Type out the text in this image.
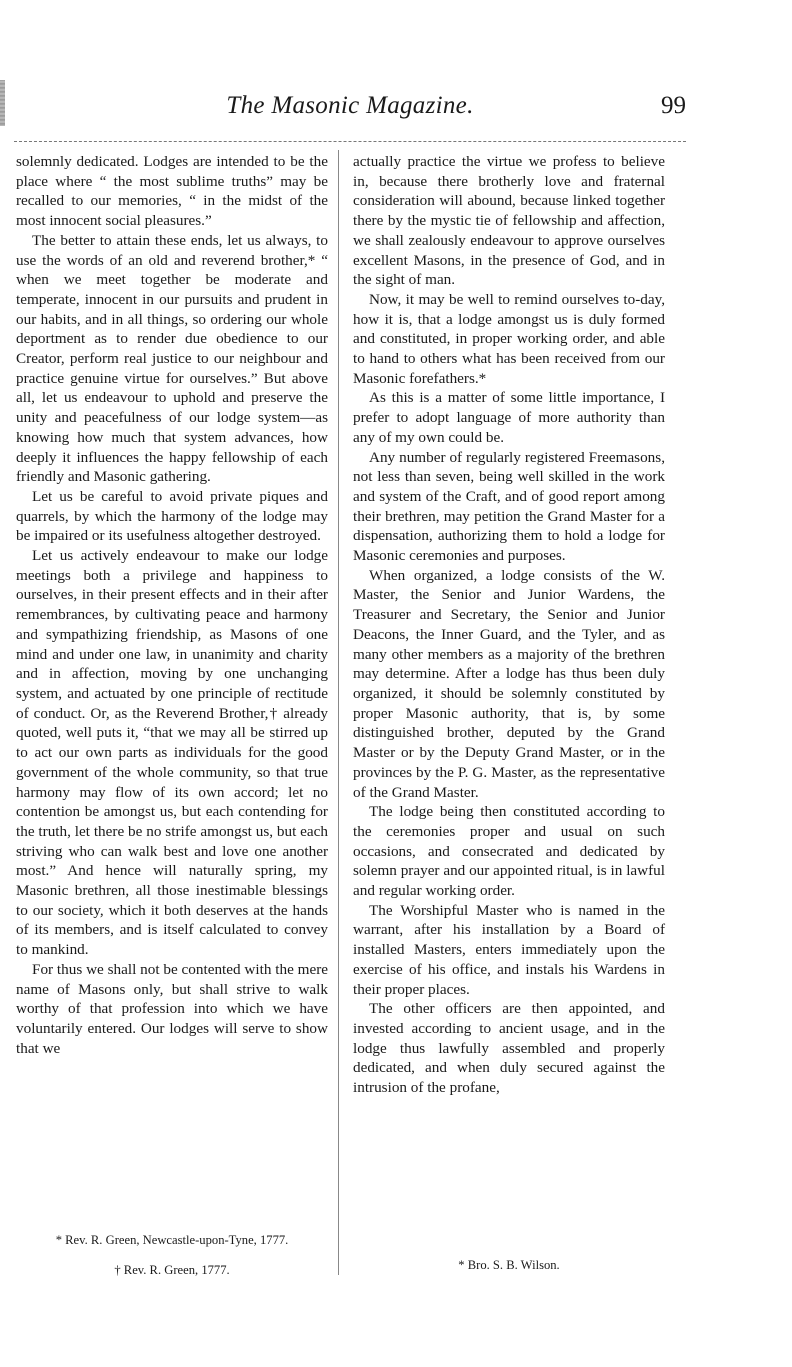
The Masonic Magazine.	99

solemnly dedicated. Lodges are intended to be the place where “ the most sublime truths” may be recalled to our memories, “ in the midst of the most innocent social pleasures.”

The better to attain these ends, let us always, to use the words of an old and reverend brother,* “ when we meet together be moderate and temperate, innocent in our pursuits and prudent in our habits, and in all things, so ordering our whole deportment as to render due obedience to our Creator, perform real justice to our neighbour and practice genuine virtue for ourselves.” But above all, let us endeavour to uphold and preserve the unity and peacefulness of our lodge system—as knowing how much that system advances, how deeply it influences the happy fellowship of each friendly and Masonic gathering.

Let us be careful to avoid private piques and quarrels, by which the harmony of the lodge may be impaired or its usefulness altogether destroyed.

Let us actively endeavour to make our lodge meetings both a privilege and happiness to ourselves, in their present effects and in their after remembrances, by cultivating peace and harmony and sympathizing friendship, as Masons of one mind and under one law, in unanimity and charity and in affection, moving by one unchanging system, and actuated by one principle of rectitude of conduct. Or, as the Reverend Brother,† already quoted, well puts it, “that we may all be stirred up to act our own parts as individuals for the good government of the whole community, so that true harmony may flow of its own accord; let no contention be amongst us, but each contending for the truth, let there be no strife amongst us, but each striving who can walk best and love one another most.” And hence will naturally spring, my Masonic brethren, all those inestimable blessings to our society, which it both deserves at the hands of its members, and is itself calculated to convey to mankind.

For thus we shall not be contented with the mere name of Masons only, but shall strive to walk worthy of that profession into which we have voluntarily entered. Our lodges will serve to show that we

actually practice the virtue we profess to believe in, because there brotherly love and fraternal consideration will abound, because linked together there by the mystic tie of fellowship and affection, we shall zealously endeavour to approve ourselves excellent Masons, in the presence of God, and in the sight of man.

Now, it may be well to remind ourselves to-day, how it is, that a lodge amongst us is duly formed and constituted, in proper working order, and able to hand to others what has been received from our Masonic forefathers.*

As this is a matter of some little importance, I prefer to adopt language of more authority than any of my own could be.

Any number of regularly registered Freemasons, not less than seven, being well skilled in the work and system of the Craft, and of good report among their brethren, may petition the Grand Master for a dispensation, authorizing them to hold a lodge for Masonic ceremonies and purposes.

When organized, a lodge consists of the W. Master, the Senior and Junior Wardens, the Treasurer and Secretary, the Senior and Junior Deacons, the Inner Guard, and the Tyler, and as many other members as a majority of the brethren may determine. After a lodge has thus been duly organized, it should be solemnly constituted by proper Masonic authority, that is, by some distinguished brother, deputed by the Grand Master or by the Deputy Grand Master, or in the provinces by the P. G. Master, as the representative of the Grand Master.

The lodge being then constituted according to the ceremonies proper and usual on such occasions, and consecrated and dedicated by solemn prayer and our appointed ritual, is in lawful and regular working order.

The Worshipful Master who is named in the warrant, after his installation by a Board of installed Masters, enters immediately upon the exercise of his office, and instals his Wardens in their proper places.

The other officers are then appointed, and invested according to ancient usage, and in the lodge thus lawfully assembled and properly dedicated, and when duly secured against the intrusion of the profane,

* Rev. R. Green, Newcastle-upon-Tyne, 1777.
† Rev. R. Green, 1777.	* Bro. S. B. Wilson.
